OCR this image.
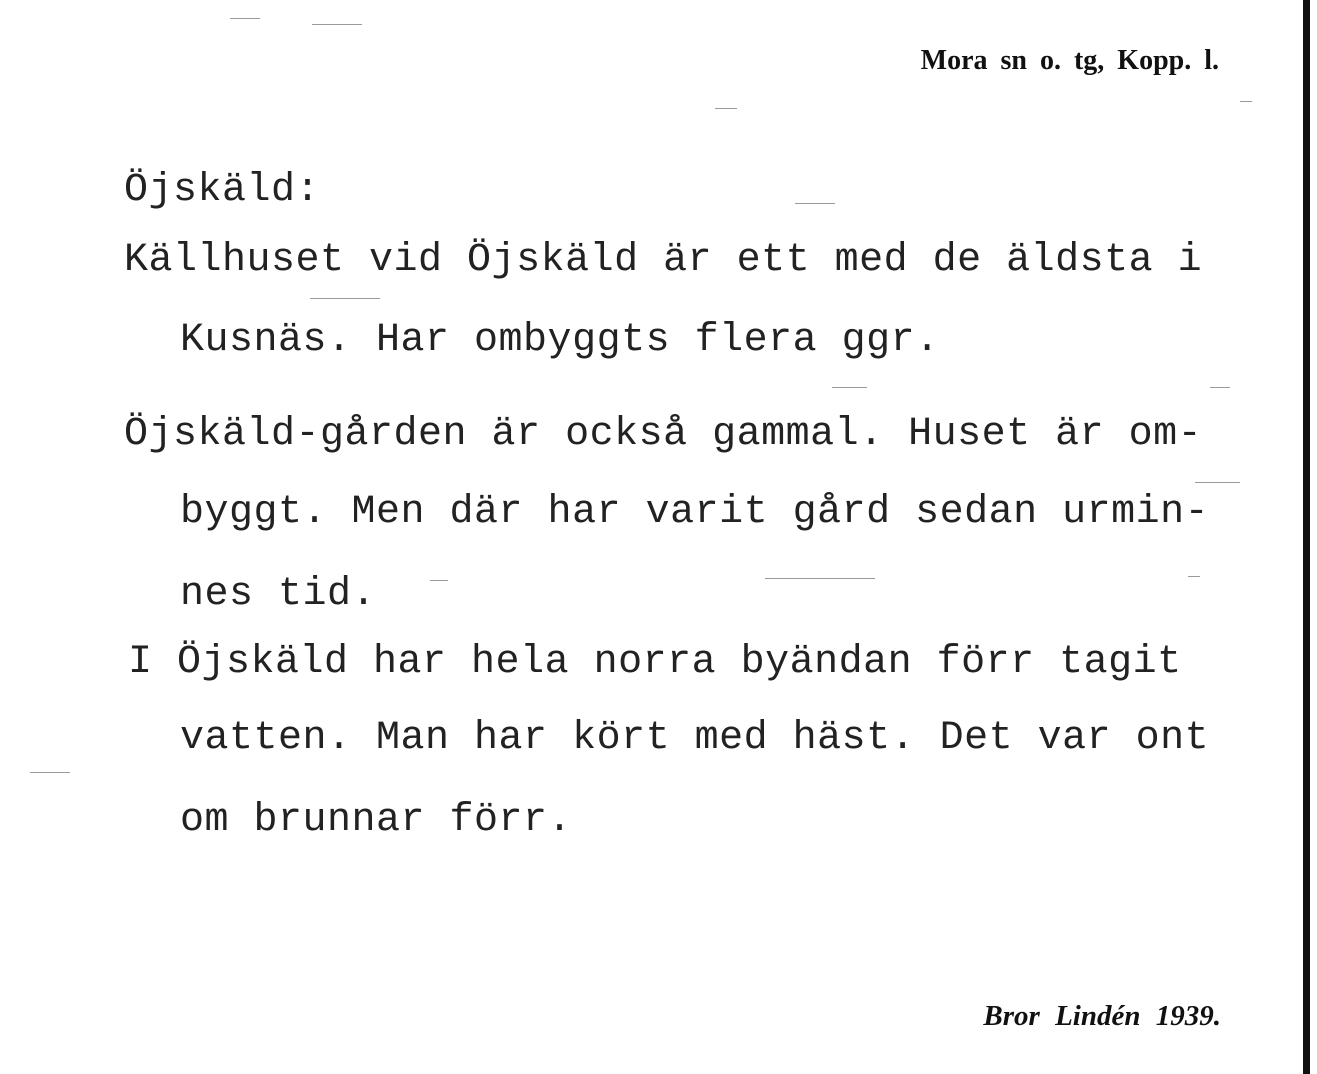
Mora sn o. tg, Kopp. l.
Öjskäld:
Källhuset vid Öjskäld är ett med de äldsta i
Kusnäs. Har ombyggts flera ggr.
Öjskäld-gården är också gammal. Huset är om-
byggt. Men där har varit gård sedan urmin-
nes tid.
I Öjskäld har hela norra byändan förr tagit
vatten. Man har kört med häst. Det var ont
om brunnar förr.
Bror Lindén 1939.
